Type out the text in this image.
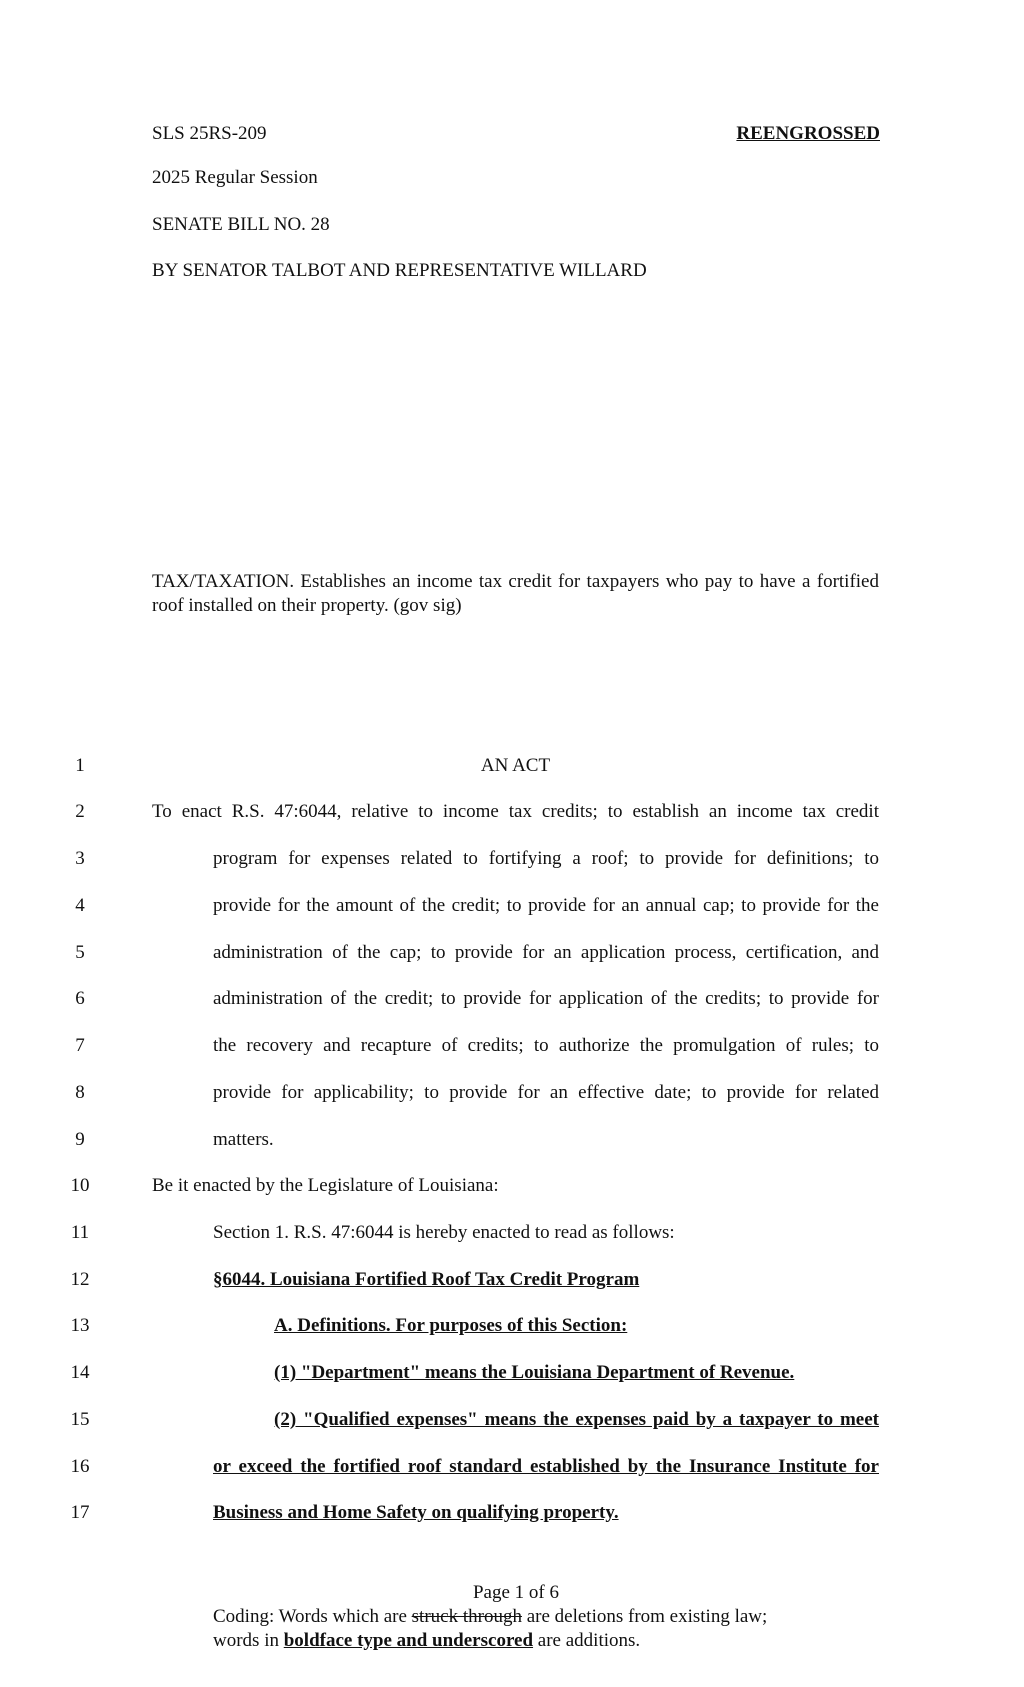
SLS 25RS-209	REENGROSSED
2025 Regular Session
SENATE BILL NO. 28
BY SENATOR TALBOT AND REPRESENTATIVE WILLARD
TAX/TAXATION. Establishes an income tax credit for taxpayers who pay to have a fortified roof installed on their property. (gov sig)
1	AN ACT
2	To enact R.S. 47:6044, relative to income tax credits; to establish an income tax credit
3	program for expenses related to fortifying a roof; to provide for definitions; to
4	provide for the amount of the credit; to provide for an annual cap; to provide for the
5	administration of the cap; to provide for an application process, certification, and
6	administration of the credit; to provide for application of the credits; to provide for
7	the recovery and recapture of credits; to authorize the promulgation of rules; to
8	provide for applicability; to provide for an effective date; to provide for related
9	matters.
10	Be it enacted by the Legislature of Louisiana:
11	Section 1. R.S. 47:6044 is hereby enacted to read as follows:
12	§6044. Louisiana Fortified Roof Tax Credit Program
13	A. Definitions. For purposes of this Section:
14	(1) "Department" means the Louisiana Department of Revenue.
15	(2) "Qualified expenses" means the expenses paid by a taxpayer to meet
16	or exceed the fortified roof standard established by the Insurance Institute for
17	Business and Home Safety on qualifying property.
Page 1 of 6
Coding: Words which are struck through are deletions from existing law;
words in boldface type and underscored are additions.
